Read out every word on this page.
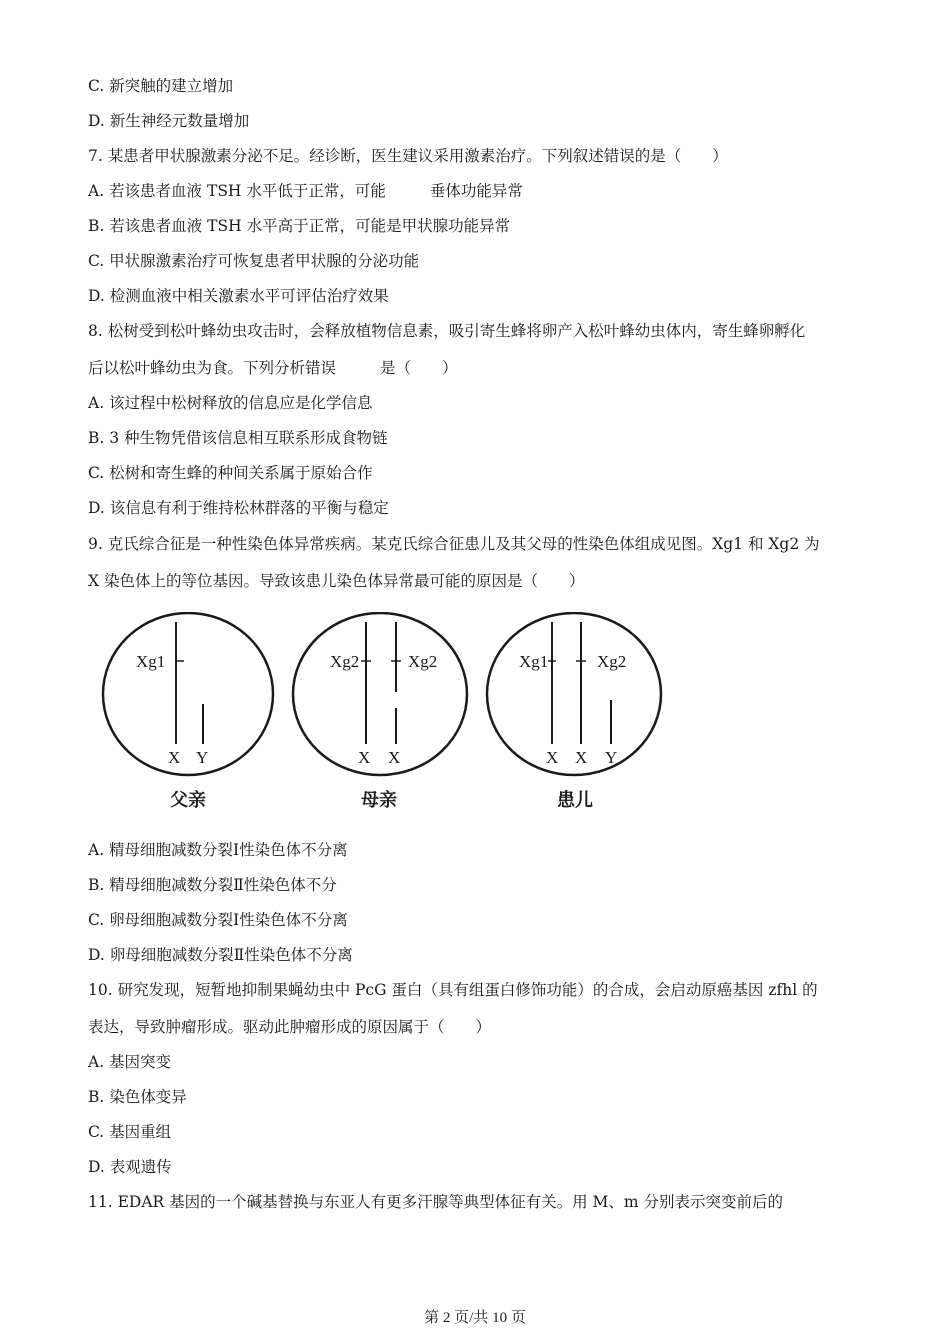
C. 新突触的建立增加
D. 新生神经元数量增加
7. 某患者甲状腺激素分泌不足。经诊断，医生建议采用激素治疗。下列叙述错误的是（　　）
A. 若该患者血液 TSH 水平低于正常，可能	垂体功能异常
B. 若该患者血液 TSH 水平高于正常，可能是甲状腺功能异常
C. 甲状腺激素治疗可恢复患者甲状腺的分泌功能
D. 检测血液中相关激素水平可评估治疗效果
8. 松树受到松叶蜂幼虫攻击时，会释放植物信息素，吸引寄生蜂将卵产入松叶蜂幼虫体内，寄生蜂卵孵化
后以松叶蜂幼虫为食。下列分析错误	是（　　）
A. 该过程中松树释放的信息应是化学信息
B. 3 种生物凭借该信息相互联系形成食物链
C. 松树和寄生蜂的种间关系属于原始合作
D. 该信息有利于维持松林群落的平衡与稳定
9. 克氏综合征是一种性染色体异常疾病。某克氏综合征患儿及其父母的性染色体组成见图。Xg1 和 Xg2 为
X 染色体上的等位基因。导致该患儿染色体异常最可能的原因是（　　）
Xg1
X Y
父亲
Xg2	Xg2
X X
母亲
Xg1	Xg2
X X Y
患儿
A. 精母细胞减数分裂Ⅰ性染色体不分离
B. 精母细胞减数分裂Ⅱ性染色体不分
C. 卵母细胞减数分裂Ⅰ性染色体不分离
D. 卵母细胞减数分裂Ⅱ性染色体不分离
10. 研究发现，短暂地抑制果蝇幼虫中 PcG 蛋白（具有组蛋白修饰功能）的合成，会启动原癌基因 zfhl 的
表达，导致肿瘤形成。驱动此肿瘤形成的原因属于（　　）
A. 基因突变
B. 染色体变异
C. 基因重组
D. 表观遗传
11. EDAR 基因的一个碱基替换与东亚人有更多汗腺等典型体征有关。用 M、m 分别表示突变前后的
第 2 页/共 10 页
